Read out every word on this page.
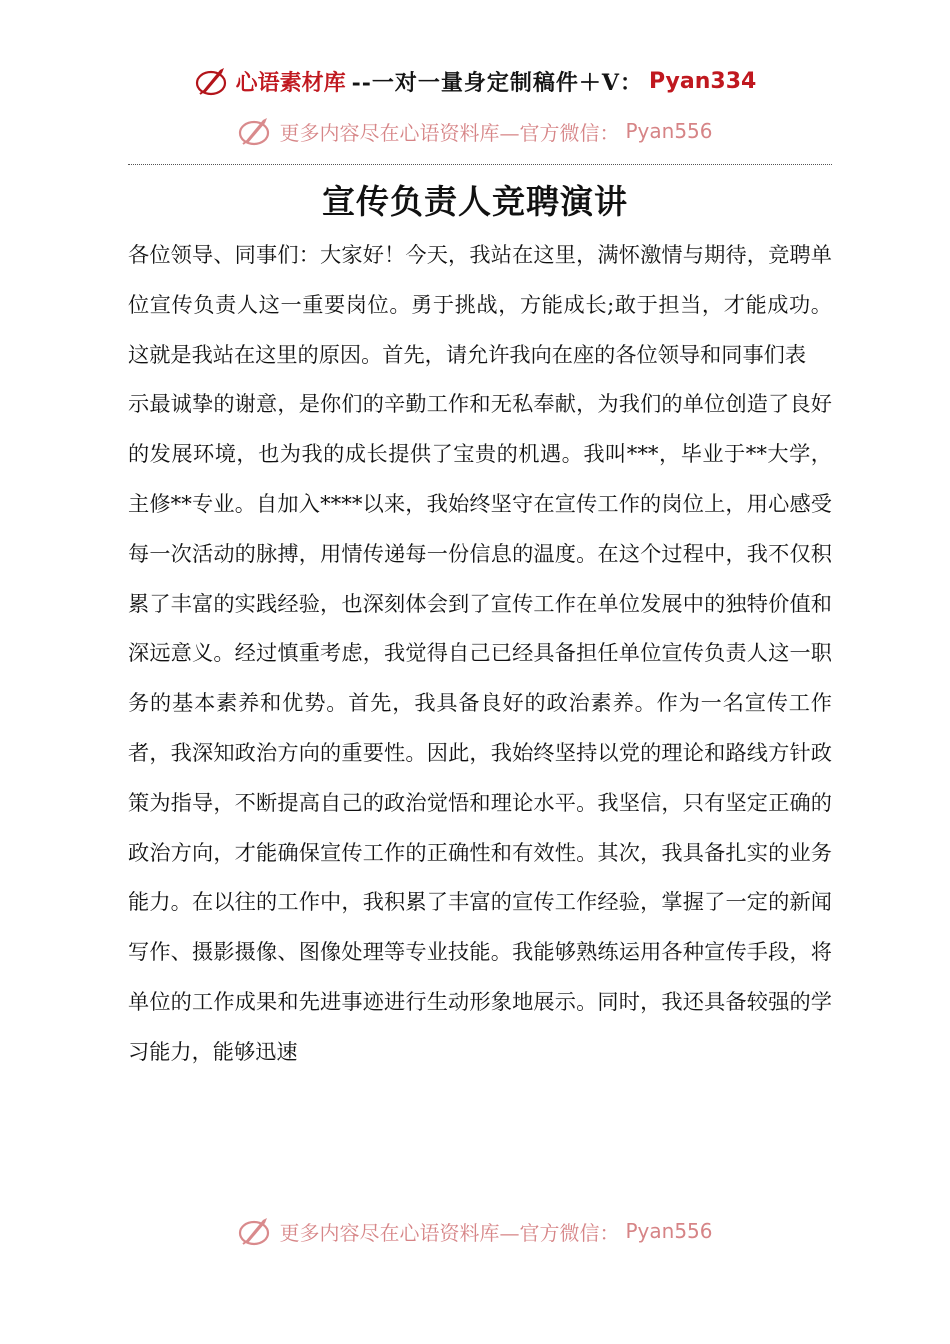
心语素材库 --一对一量身定制稿件＋V： Pyan334
更多内容尽在心语资料库—官方微信： Pyan556
宣传负责人竞聘演讲

各位领导、同事们：大家好！今天，我站在这里，满怀激情与期待，竞聘单位宣传负责人这一重要岗位。勇于挑战，方能成长;敢于担当，才能成功。这就是我站在这里的原因。首先，请允许我向在座的各位领导和同事们表

示最诚挚的谢意，是你们的辛勤工作和无私奉献，为我们的单位创造了良好的发展环境，也为我的成长提供了宝贵的机遇。我叫***，毕业于**大学，主修**专业。自加入****以来，我始终坚守在宣传工作的岗位上，用心感受每一次活动的脉搏，用情传递每一份信息的温度。在这个过程中，我不仅积累了丰富的实践经验，也深刻体会到了宣传工作在单位发展中的独特价值和深远意义。经过慎重考虑，我觉得自己已经具备担任单位宣传负责人这一职务的基本素养和优势。首先，我具备良好的政治素养。作为一名宣传工作者，我深知政治方向的重要性。因此，我始终坚持以党的理论和路线方针政策为指导，不断提高自己的政治觉悟和理论水平。我坚信，只有坚定正确的政治方向，才能确保宣传工作的正确性和有效性。其次，我具备扎实的业务能力。在以往的工作中，我积累了丰富的宣传工作经验，掌握了一定的新闻写作、摄影摄像、图像处理等专业技能。我能够熟练运用各种宣传手段，将单位的工作成果和先进事迹进行生动形象地展示。同时，我还具备较强的学习能力，能够迅速

更多内容尽在心语资料库—官方微信： Pyan556
